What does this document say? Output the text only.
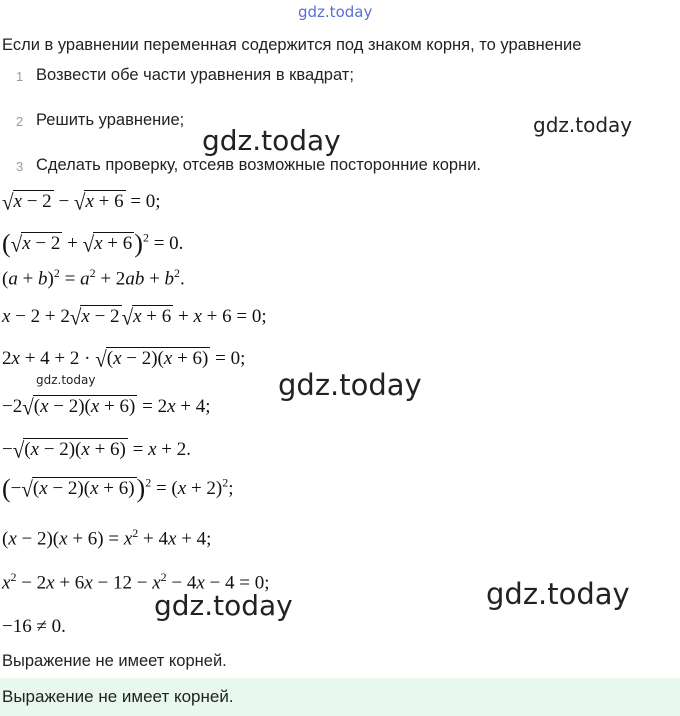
gdz.today
Если в уравнении переменная содержится под знаком корня, то уравнение
1 Возвести обе части уравнения в квадрат;
2 Решить уравнение;
3 Сделать проверку, отсеяв возможные посторонние корни.
√x − 2 − √x + 6 = 0;
$(√x - 2 + √x + 6)^2 = 0$.
$(a + b)^2 = a^2 + 2ab + b^2$.
x − 2 + 2√x − 2√x + 6 + x + 6 = 0;
2x + 4 + 2 · √(x − 2)(x + 6) = 0;
gdz.today
−2√(x − 2)(x + 6) = 2x + 4;
−√(x − 2)(x + 6) = x + 2.
$(-√(x - 2)(x + 6))^2 = (x + 2)^2$;
$(x - 2)(x + 6) = x^2 + 4x + 4$;
$x^2 - 2x + 6x - 12 - x^2 - 4x - 4 = 0$;
−16 ≠ 0.
Выражение не имеет корней.
Выражение не имеет корней.
gdz.today	gdz.today
gdz.today
gdz.today	gdz.today
